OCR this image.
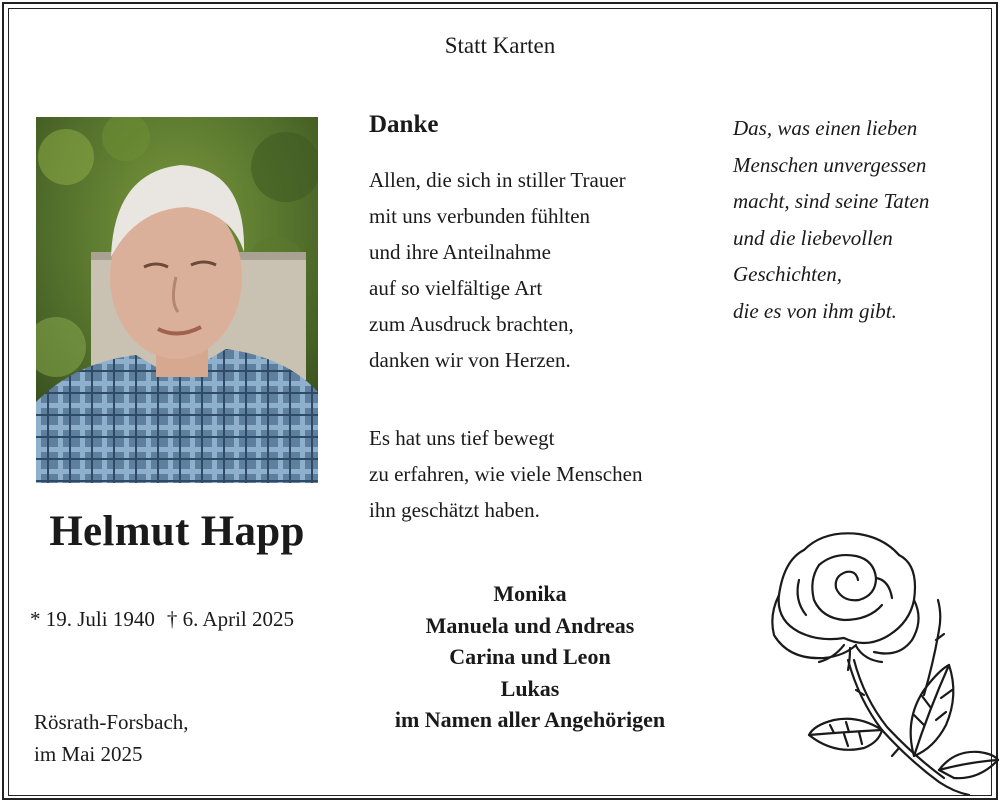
Statt Karten
Helmut Happ
* 19. Juli 1940 † 6. April 2025
Rösrath-Forsbach,
im Mai 2025
Danke
Allen, die sich in stiller Trauer
mit uns verbunden fühlten
und ihre Anteilnahme
auf so vielfältige Art
zum Ausdruck brachten,
danken wir von Herzen.
Es hat uns tief bewegt
zu erfahren, wie viele Menschen
ihn geschätzt haben.
Monika
Manuela und Andreas
Carina und Leon
Lukas
im Namen aller Angehörigen
Das, was einen lieben
Menschen unvergessen
macht, sind seine Taten
und die liebevollen
Geschichten,
die es von ihm gibt.
